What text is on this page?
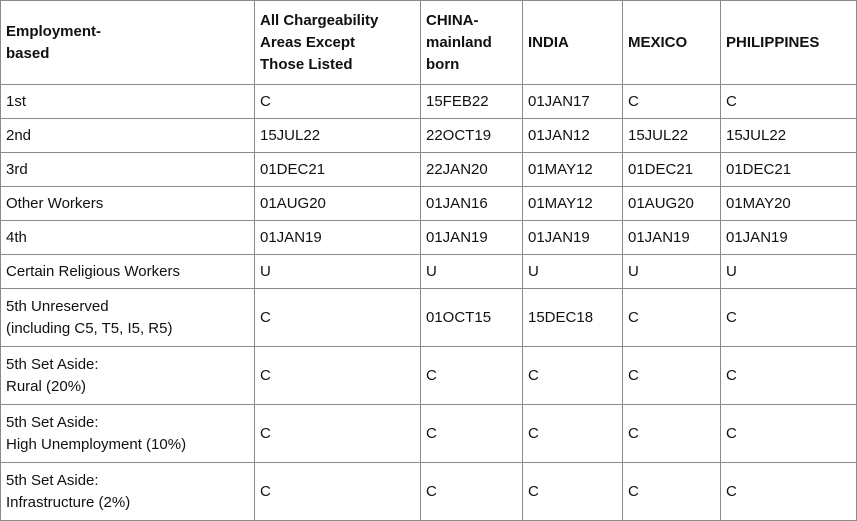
Employment-
based	All Chargeability
Areas Except
Those Listed	CHINA-
mainland
born	INDIA	MEXICO	PHILIPPINES

1st	C	15FEB22	01JAN17	C	C

2nd	15JUL22	22OCT19	01JAN12	15JUL22	15JUL22

3rd	01DEC21	22JAN20	01MAY12	01DEC21	01DEC21

Other Workers	01AUG20	01JAN16	01MAY12	01AUG20	01MAY20

4th	01JAN19	01JAN19	01JAN19	01JAN19	01JAN19

Certain Religious Workers	U	U	U	U	U

5th Unreserved
(including C5, T5, I5, R5)	C	01OCT15	15DEC18	C	C

5th Set Aside:
Rural (20%)	C	C	C	C	C

5th Set Aside:
High Unemployment (10%)	C	C	C	C	C

5th Set Aside:
Infrastructure (2%)	C	C	C	C	C
